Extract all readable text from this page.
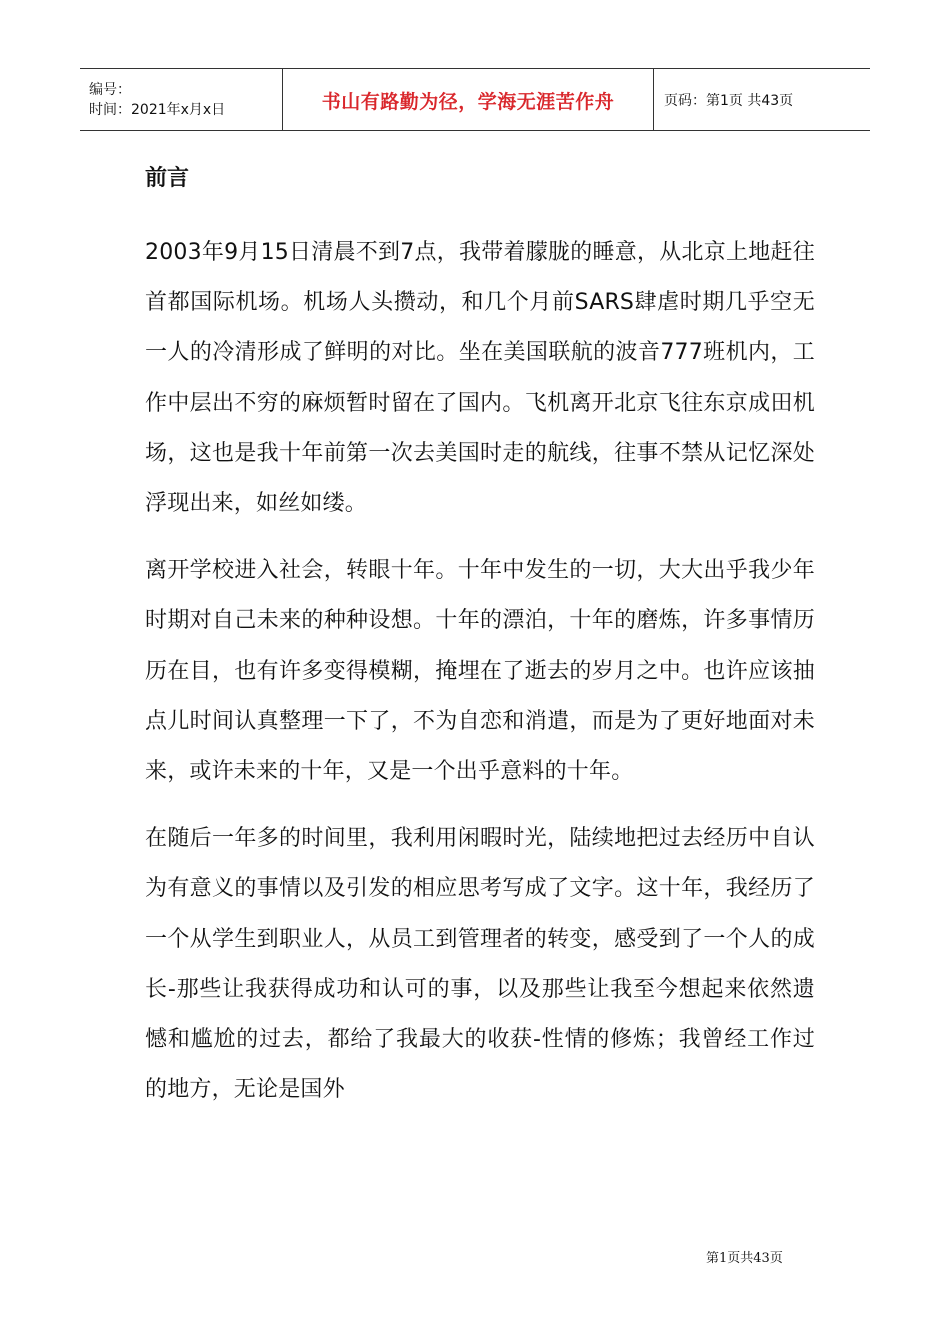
编号：
时间：2021年x月x日	书山有路勤为径，学海无涯苦作舟	页码：第1页 共43页
前言

2003年9月15日清晨不到7点，我带着朦胧的睡意，从北京上地赶往首都国际机场。机场人头攒动，和几个月前SARS肆虐时期几乎空无一人的冷清形成了鲜明的对比。坐在美国联航的波音777班机内，工作中层出不穷的麻烦暂时留在了国内。飞机离开北京飞往东京成田机场，这也是我十年前第一次去美国时走的航线，往事不禁从记忆深处浮现出来，如丝如缕。

离开学校进入社会，转眼十年。十年中发生的一切，大大出乎我少年时期对自己未来的种种设想。十年的漂泊，十年的磨炼，许多事情历历在目，也有许多变得模糊，掩埋在了逝去的岁月之中。也许应该抽点儿时间认真整理一下了，不为自恋和消遣，而是为了更好地面对未来，或许未来的十年，又是一个出乎意料的十年。

在随后一年多的时间里，我利用闲暇时光，陆续地把过去经历中自认为有意义的事情以及引发的相应思考写成了文字。这十年，我经历了一个从学生到职业人，从员工到管理者的转变，感受到了一个人的成长-那些让我获得成功和认可的事，以及那些让我至今想起来依然遗憾和尴尬的过去，都给了我最大的收获-性情的修炼；我曾经工作过的地方，无论是国外

第1页共43页
